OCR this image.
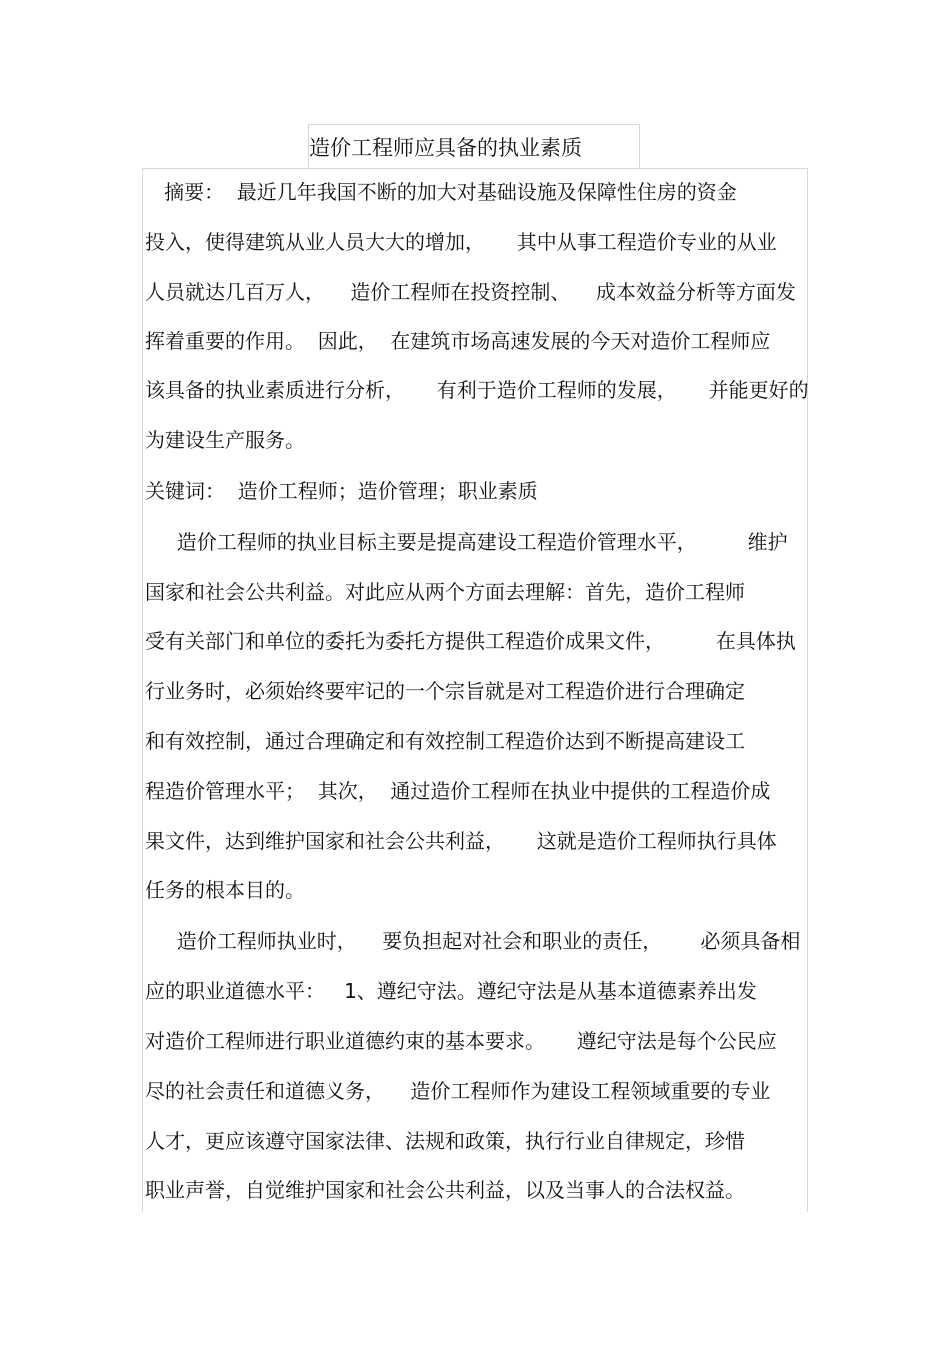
造价工程师应具备的执业素质
摘要：  最近几年我国不断的加大对基础设施及保障性住房的资金
投入，使得建筑从业人员大大的增加，     其中从事工程造价专业的从业
人员就达几百万人，    造价工程师在投资控制、    成本效益分析等方面发
挥着重要的作用。  因此，  在建筑市场高速发展的今天对造价工程师应
该具备的执业素质进行分析，     有利于造价工程师的发展，     并能更好的
为建设生产服务。
关键词：  造价工程师；造价管理；职业素质
造价工程师的执业目标主要是提高建设工程造价管理水平，        维护
国家和社会公共利益。对此应从两个方面去理解：首先，造价工程师
受有关部门和单位的委托为委托方提供工程造价成果文件，        在具体执
行业务时，必须始终要牢记的一个宗旨就是对工程造价进行合理确定
和有效控制，通过合理确定和有效控制工程造价达到不断提高建设工
程造价管理水平；  其次，  通过造价工程师在执业中提供的工程造价成
果文件，达到维护国家和社会公共利益，     这就是造价工程师执行具体
任务的根本目的。
造价工程师执业时，    要负担起对社会和职业的责任，      必须具备相
应的职业道德水平：   1、遵纪守法。遵纪守法是从基本道德素养出发
对造价工程师进行职业道德约束的基本要求。     遵纪守法是每个公民应
尽的社会责任和道德义务，    造价工程师作为建设工程领域重要的专业
人才，更应该遵守国家法律、法规和政策，执行行业自律规定，珍惜
职业声誉，自觉维护国家和社会公共利益，以及当事人的合法权益。
